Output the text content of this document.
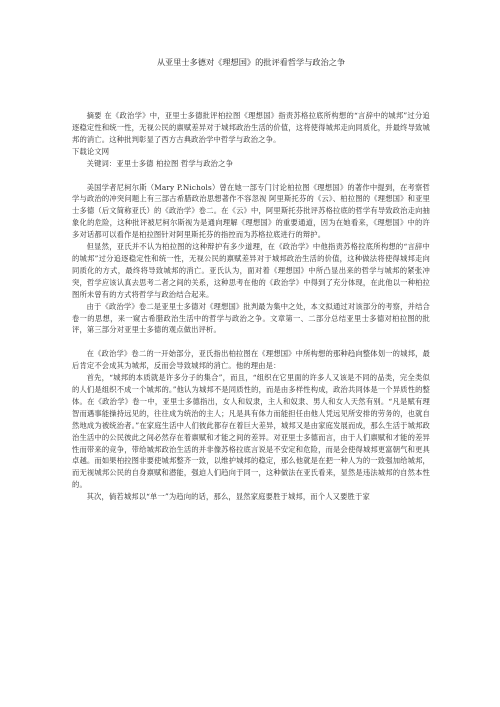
从亚里士多德对《理想国》的批评看哲学与政治之争

摘要 在《政治学》中，亚里士多德批评柏拉图《理想国》指责苏格拉底所构想的“言辞中的城邦”过分追逐稳定性和统一性，无视公民的禀赋差异对于城邦政治生活的价值，这将使得城邦走向同质化，并最终导致城邦的消亡。这种批判彰显了西方古典政治学中哲学与政治之争。

下载论文网

关键词：亚里士多德 柏拉图 哲学与政治之争

美国学者尼柯尔斯（Mary P.Nichols）曾在她一部专门讨论柏拉图《理想国》的著作中提到，在考察哲学与政治的冲突问题上有三部古希腊政治思想著作不容忽视 阿里斯托芬的《云》、柏拉图的《理想国》和亚里士多德（后文简称亚氏）的《政治学》卷二。在《云》中，阿里斯托芬批评苏格拉底的哲学有导致政治走向抽象化的危险，这种批评被尼柯尔斯视为是通向理解《理想国》的重要通道，因为在她看来，《理想国》中的许多对话都可以看作是柏拉图针对阿里斯托芬的指控而为苏格拉底进行的辩护。

但显然，亚氏并不认为柏拉图的这种辩护有多少道理，在《政治学》中他指责苏格拉底所构想的“言辞中的城邦”过分追逐稳定性和统一性，无视公民的禀赋差异对于城邦政治生活的价值，这种做法将使得城邦走向同质化的方式，最终将导致城邦的消亡。亚氏认为，面对着《理想国》中所凸显出来的哲学与城邦的紧张冲突，哲学应该认真去思考二者之间的关系，这种思考在他的《政治学》中得到了充分体现，在此他以一种柏拉图所未曾有的方式将哲学与政治结合起来。

由于《政治学》卷二是亚里士多德对《理想国》批判最为集中之处，本文拟通过对该部分的考察，并结合卷一的思想，来一窥古希腊政治生活中的哲学与政治之争。文章第一、二部分总结亚里士多德对柏拉图的批评，第三部分对亚里士多德的观点做出评析。

在《政治学》卷二的一开始部分，亚氏指出柏拉图在《理想国》中所构想的那种趋向整体划一的城邦，最后肯定不会成其为城邦，反而会导致城邦的消亡。他的理由是：

首先，“城邦的本质就是许多分子的集合”，而且，“组织在它里面的许多人又该是不同的品类，完全类似的人们是组织不成一个城邦的。”他认为城邦不是同质性的，而是由多样性构成，政治共同体是一个异质性的整体。在《政治学》卷一中，亚里士多德指出，女人和奴隶，主人和奴隶、男人和女人天然有别。“凡是赋有理智而遇事能操持远见的，往往成为统治的主人；凡是具有体力而能担任由他人凭远见所安排的劳务的，也就自然地成为被统治者。”在家庭生活中人们彼此都存在着巨大差异，城邦又是由家庭发展而成，那么生活于城邦政治生活中的公民彼此之间必然存在着禀赋和才能之间的差异。对亚里士多德而言，由于人们禀赋和才能的差异性而带来的竞争，带给城邦政治生活的并非像苏格拉底言说是不安定和危险，而是会使得城邦更富朝气和更具卓越。而如果柏拉图非要使城邦整齐一致，以维护城邦的稳定，那么他就是在把一种人为的一致强加给城邦，而无视城邦公民的自身禀赋和潜能，强迫人们趋向于同一，这种做法在亚氏看来，显然是违法城邦的自然本性的。

其次，倘若城邦以“单一”为趋向的话，那么，显然家庭要胜于城邦，而个人又要胜于家
